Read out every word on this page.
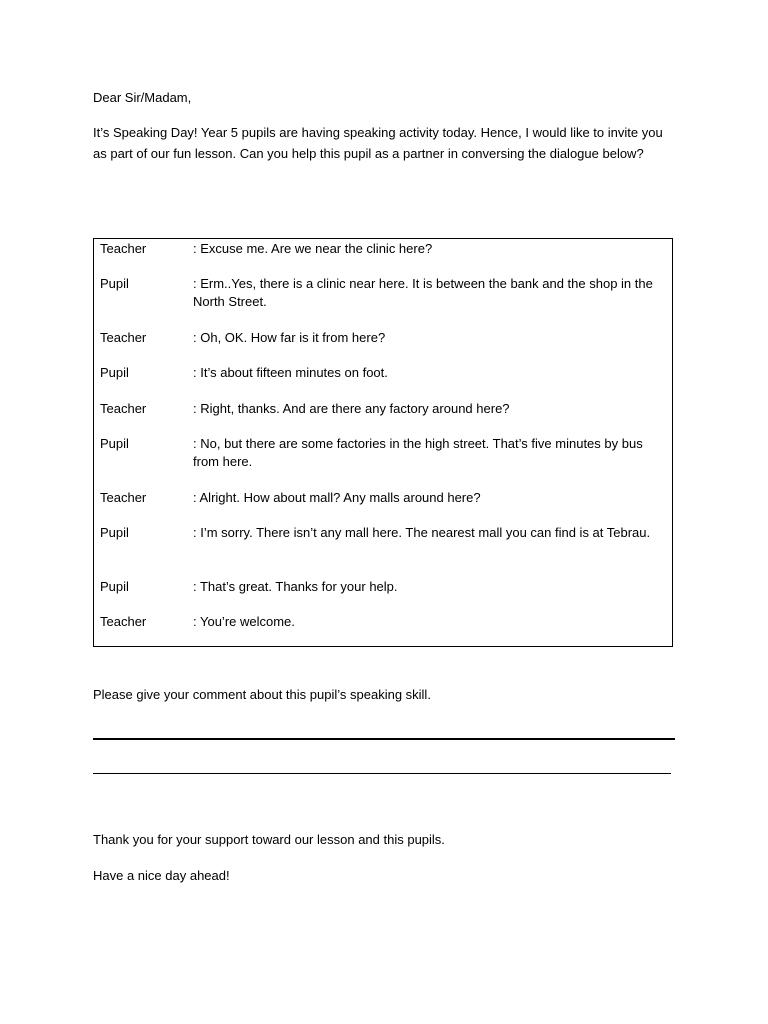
Dear Sir/Madam,

It’s Speaking Day! Year 5 pupils are having speaking activity today. Hence, I would like to invite you as part of our fun lesson. Can you help this pupil as a partner in conversing the dialogue below?

Teacher	: Excuse me. Are we near the clinic here?
Pupil	: Erm..Yes, there is a clinic near here. It is between the bank and the shop in the North Street.
Teacher	: Oh, OK. How far is it from here?
Pupil	: It’s about fifteen minutes on foot.
Teacher	: Right, thanks. And are there any factory around here?
Pupil	: No, but there are some factories in the high street. That’s five minutes by bus from here.
Teacher	: Alright. How about mall? Any malls around here?
Pupil	: I’m sorry. There isn’t any mall here. The nearest mall you can find is at Tebrau.
Pupil	: That’s great. Thanks for your help.
Teacher	: You’re welcome.

Please give your comment about this pupil’s speaking skill.

Thank you for your support toward our lesson and this pupils.

Have a nice day ahead!
